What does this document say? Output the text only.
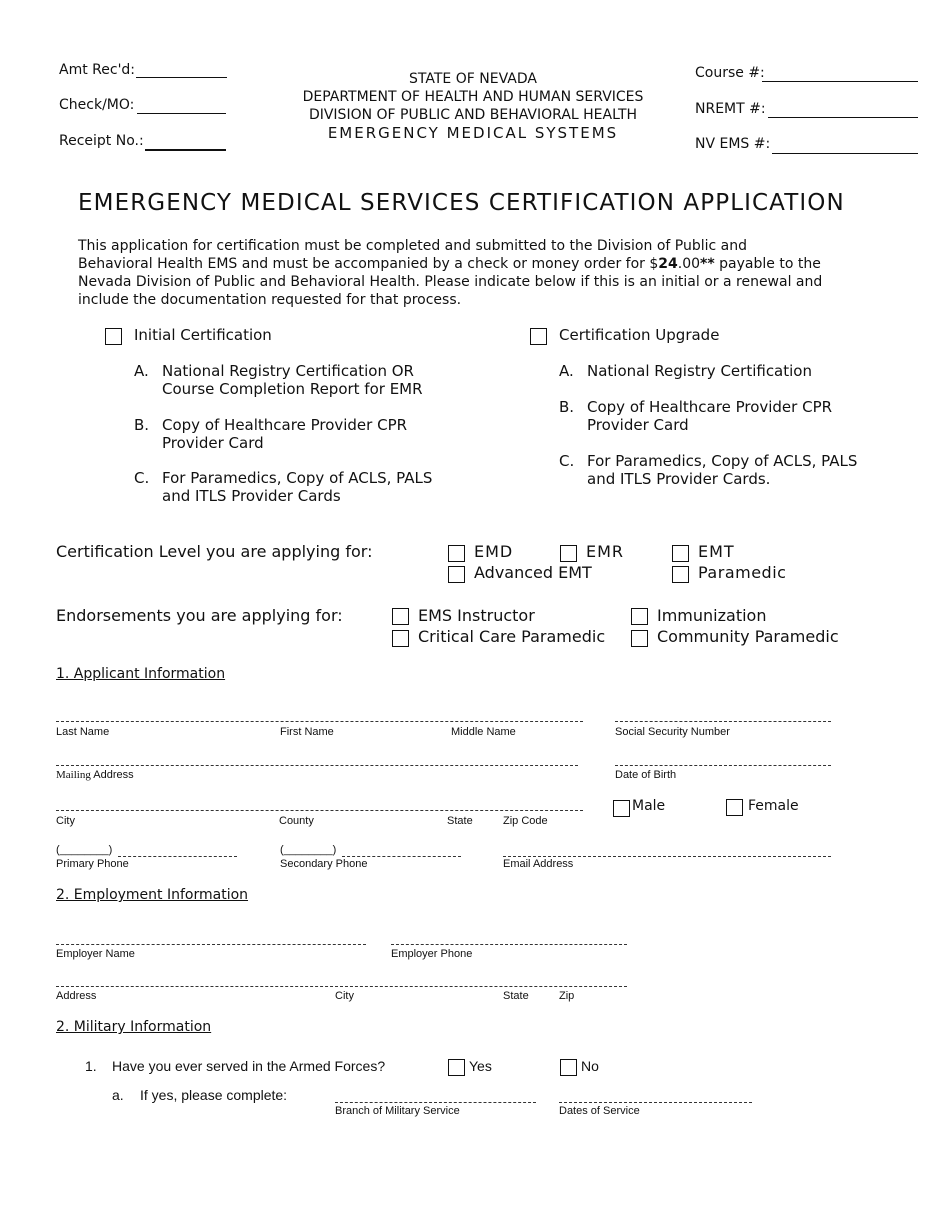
Amt Rec'd:
Check/MO:
Receipt No.:
Course #:
NREMT #:
NV EMS #:
STATE OF NEVADA
DEPARTMENT OF HEALTH AND HUMAN SERVICES
DIVISION OF PUBLIC AND BEHAVIORAL HEALTH
EMERGENCY MEDICAL SYSTEMS
EMERGENCY MEDICAL SERVICES CERTIFICATION APPLICATION
This application for certification must be completed and submitted to the Division of Public and
Behavioral Health EMS and must be accompanied by a check or money order for $24.00** payable to the
Nevada Division of Public and Behavioral Health. Please indicate below if this is an initial or a renewal and
include the documentation requested for that process.
Initial Certification
A. National Registry Certification OR
Course Completion Report for EMR
B. Copy of Healthcare Provider CPR
Provider Card
C. For Paramedics, Copy of ACLS, PALS
and ITLS Provider Cards
Certification Upgrade
A. National Registry Certification
B. Copy of Healthcare Provider CPR
Provider Card
C. For Paramedics, Copy of ACLS, PALS
and ITLS Provider Cards.
Certification Level you are applying for:	EMD	EMR	EMT
Advanced EMT	Paramedic
Endorsements you are applying for:	EMS Instructor	Immunization
Critical Care Paramedic	Community Paramedic
1. Applicant Information
Last Name	First Name	Middle Name	Social Security Number
Mailing Address	Date of Birth
Male	Female
City	County	State	Zip Code
(________)	(________)
Primary Phone	Secondary Phone	Email Address
2. Employment Information
Employer Name	Employer Phone
Address	City	State	Zip
2. Military Information
1. Have you ever served in the Armed Forces?	Yes	No
a. If yes, please complete:
Branch of Military Service	Dates of Service
